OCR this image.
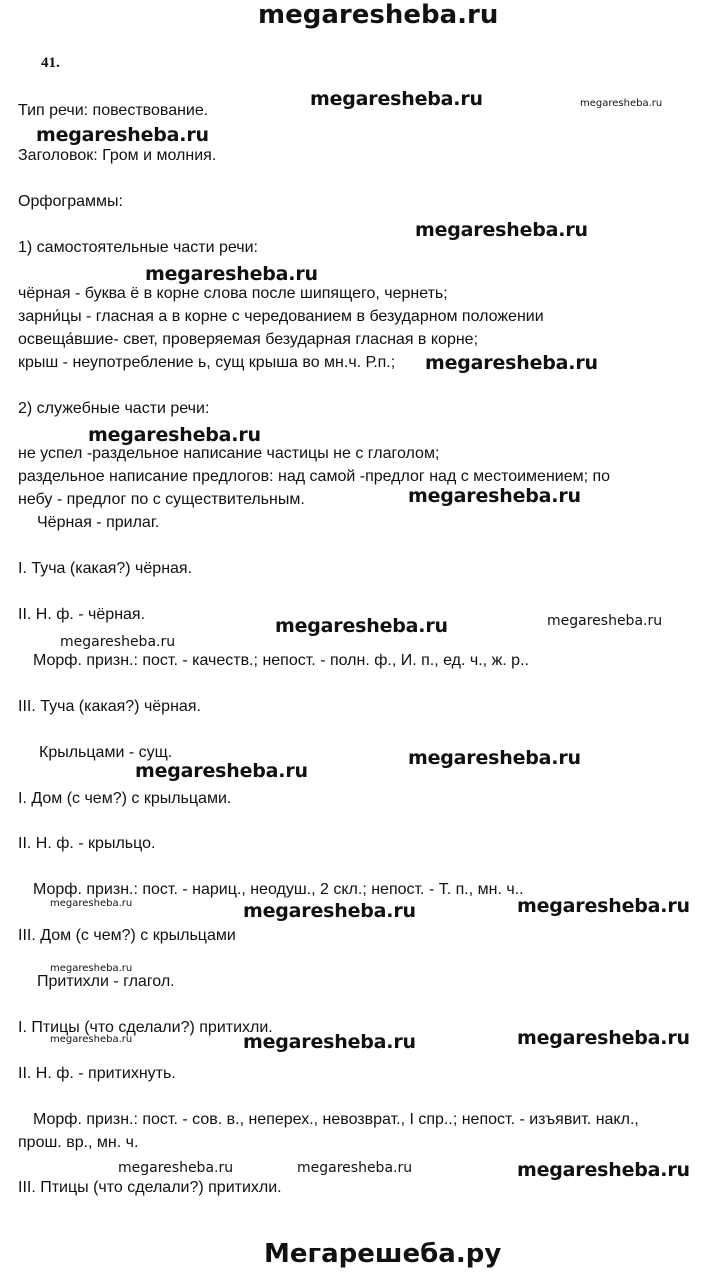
megaresheba.ru
41.
Тип речи: повествование.
Заголовок: Гром и молния.
Орфограммы:
1) самостоятельные части речи:
чёрная - буква ё в корне слова после шипящего, чернеть;
зарни́цы - гласная а в корне с чередованием в безударном положении
освеща́вшие- свет, проверяемая безударная гласная в корне;
крыш - неупотребление ь, сущ крыша во мн.ч. Р.п.;
2) служебные части речи:
не успел -раздельное написание частицы не с глаголом;
раздельное написание предлогов: над самой -предлог над с местоимением; по
небу - предлог по с существительным.
Чёрная - прилаг.
I. Туча (какая?) чёрная.
II. Н. ф. - чёрная.
Морф. призн.: пост. - качеств.; непост. - полн. ф., И. п., ед. ч., ж. р..
III. Туча (какая?) чёрная.
Крыльцами - сущ.
I. Дом (с чем?) с крыльцами.
II. Н. ф. - крыльцо.
Морф. призн.: пост. - нариц., неодуш., 2 скл.; непост. - Т. п., мн. ч..
III. Дом (с чем?) с крыльцами
Притихли - глагол.
I. Птицы (что сделали?) притихли.
II. Н. ф. - притихнуть.
Морф. призн.: пост. - сов. в., неперех., невозврат., I спр..; непост. - изъявит. накл.,
прош. вр., мн. ч.
III. Птицы (что сделали?) притихли.
megaresheba.ru	megaresheba.ru
megaresheba.ru
megaresheba.ru
megaresheba.ru
megaresheba.ru
megaresheba.ru
megaresheba.ru
megaresheba.ru	megaresheba.ru
megaresheba.ru
megaresheba.ru
megaresheba.ru
megaresheba.ru	megaresheba.ru	megaresheba.ru
megaresheba.ru
megaresheba.ru	megaresheba.ru	megaresheba.ru
megaresheba.ru	megaresheba.ru	megaresheba.ru
Мегарешеба.ру
